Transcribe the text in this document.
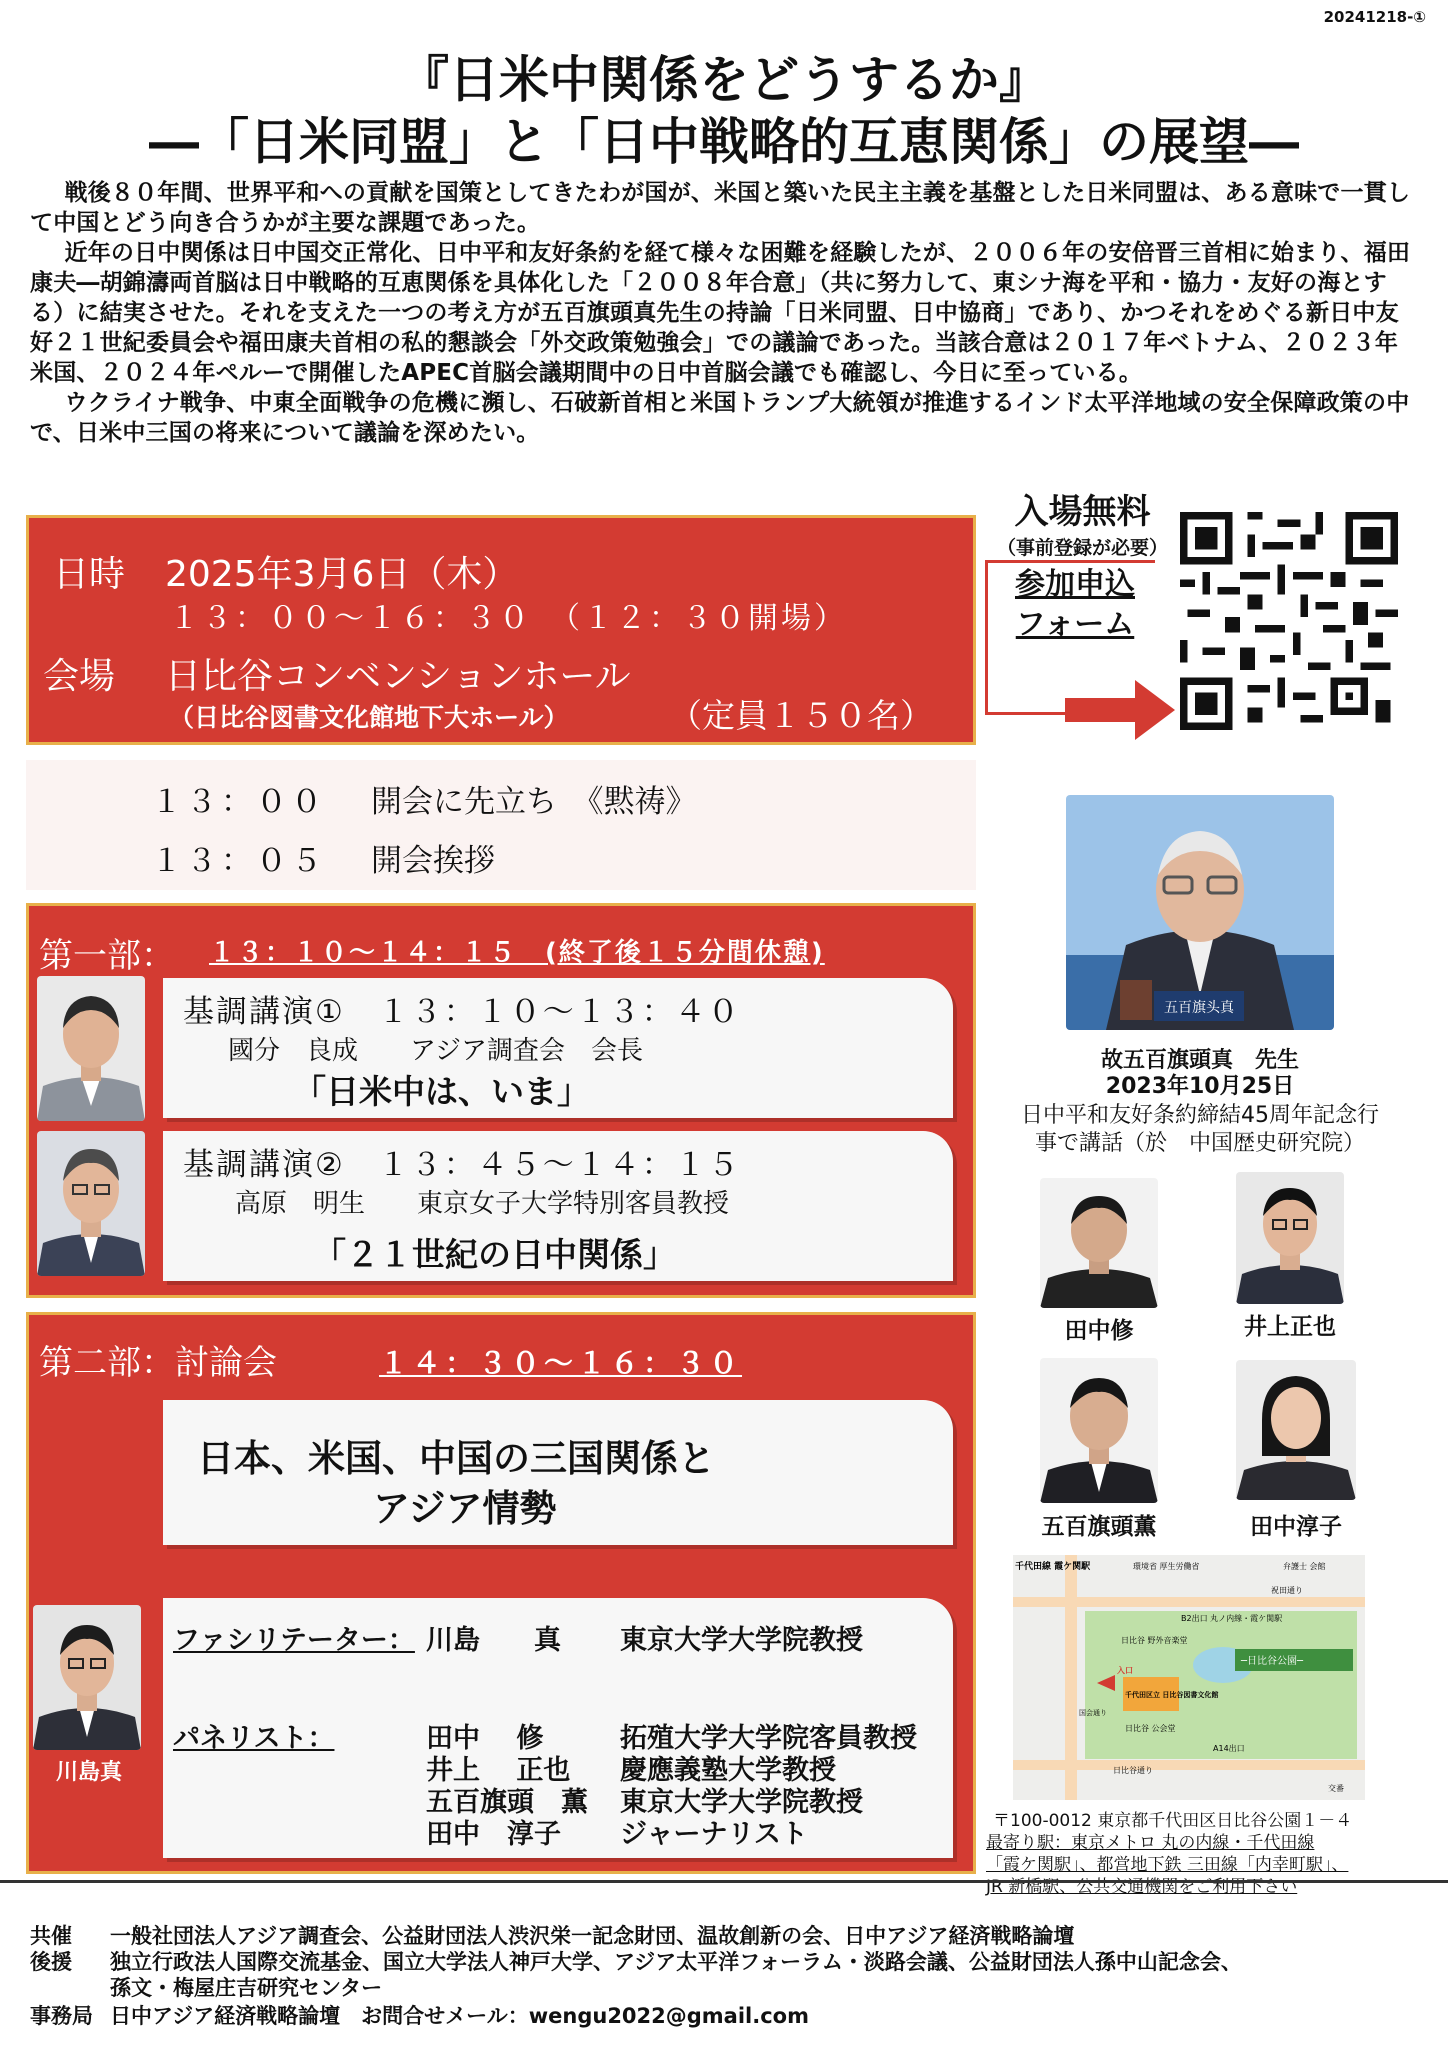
20241218-①
『日米中関係をどうするか』
―「日米同盟」と「日中戦略的互恵関係」の展望―

戦後８０年間、世界平和への貢献を国策としてきたわが国が、米国と築いた民主主義を基盤とした日米同盟は、ある意味で一貫して中国とどう向き合うかが主要な課題であった。

近年の日中関係は日中国交正常化、日中平和友好条約を経て様々な困難を経験したが、２００６年の安倍晋三首相に始まり、福田康夫―胡錦濤両首脳は日中戦略的互恵関係を具体化した「２００８年合意」（共に努力して、東シナ海を平和・協力・友好の海とする）に結実させた。それを支えた一つの考え方が五百旗頭真先生の持論「日米同盟、日中協商」であり、かつそれをめぐる新日中友好２１世紀委員会や福田康夫首相の私的懇談会「外交政策勉強会」での議論であった。当該合意は２０１７年ベトナム、２０２３年米国、２０２４年ペルーで開催したAPEC首脳会議期間中の日中首脳会議でも確認し、今日に至っている。

ウクライナ戦争、中東全面戦争の危機に瀕し、石破新首相と米国トランプ大統領が推進するインド太平洋地域の安全保障政策の中で、日米中三国の将来について議論を深めたい。

日時 2025年3月6日（木）
１３：００～１６：３０　（１２：３０開場）
会場 日比谷コンベンションホール
（日比谷図書文化館地下大ホール）	（定員１５０名）
入場無料
（事前登録が必要）
参加申込
フォーム
１３：００ 開会に先立ち　《黙祷》
１３：０５ 開会挨拶
第一部： １３：１０～１４：１５　(終了後１５分間休憩)
基調講演①　１３：１０～１３：４０
國分　良成　　アジア調査会　会長
「日米中は、いま」
基調講演②　１３：４５～１４：１５
高原　明生　　東京女子大学特別客員教授
「２１世紀の日中関係」
第二部：討論会	１４：３０～１６：３０
日本、米国、中国の三国関係と
アジア情勢
川島真
ファシリテーター： 川島　　真 東京大学大学院教授
パネリスト：	田中　 修	拓殖大学大学院客員教授
井上　 正也 慶應義塾大学教授
五百旗頭　薫 東京大学大学院教授
田中　淳子 ジャーナリスト
五百旗头真
故五百旗頭真　先生
2023年10月25日
日中平和友好条約締結45周年記念行
事で講話（於　中国歴史研究院）
田中修	井上正也
五百旗頭薫	田中淳子
千代田線 霞ケ関駅	環境省 厚生労働省	弁護士 会館
祝田通り
B2出口 丸ノ内線・霞ケ関駅
日比谷 野外音楽堂
─日比谷公園─
入口
千代田区立 日比谷図書文化館
日比谷 公会堂
国会通り
A14出口
日比谷通り
交番
〒100-0012 東京都千代田区日比谷公園１－４
最寄り駅：東京メトロ 丸の内線・千代田線
「霞ケ関駅」、都営地下鉄 三田線「内幸町駅」、
JR 新橋駅、公共交通機関をご利用下さい
共催 一般社団法人アジア調査会、公益財団法人渋沢栄一記念財団、温故創新の会、日中アジア経済戦略論壇
後援 独立行政法人国際交流基金、国立大学法人神戸大学、アジア太平洋フォーラム・淡路会議、公益財団法人孫中山記念会、
孫文・梅屋庄吉研究センター
事務局 日中アジア経済戦略論壇　お問合せメール：wengu2022@gmail.com
